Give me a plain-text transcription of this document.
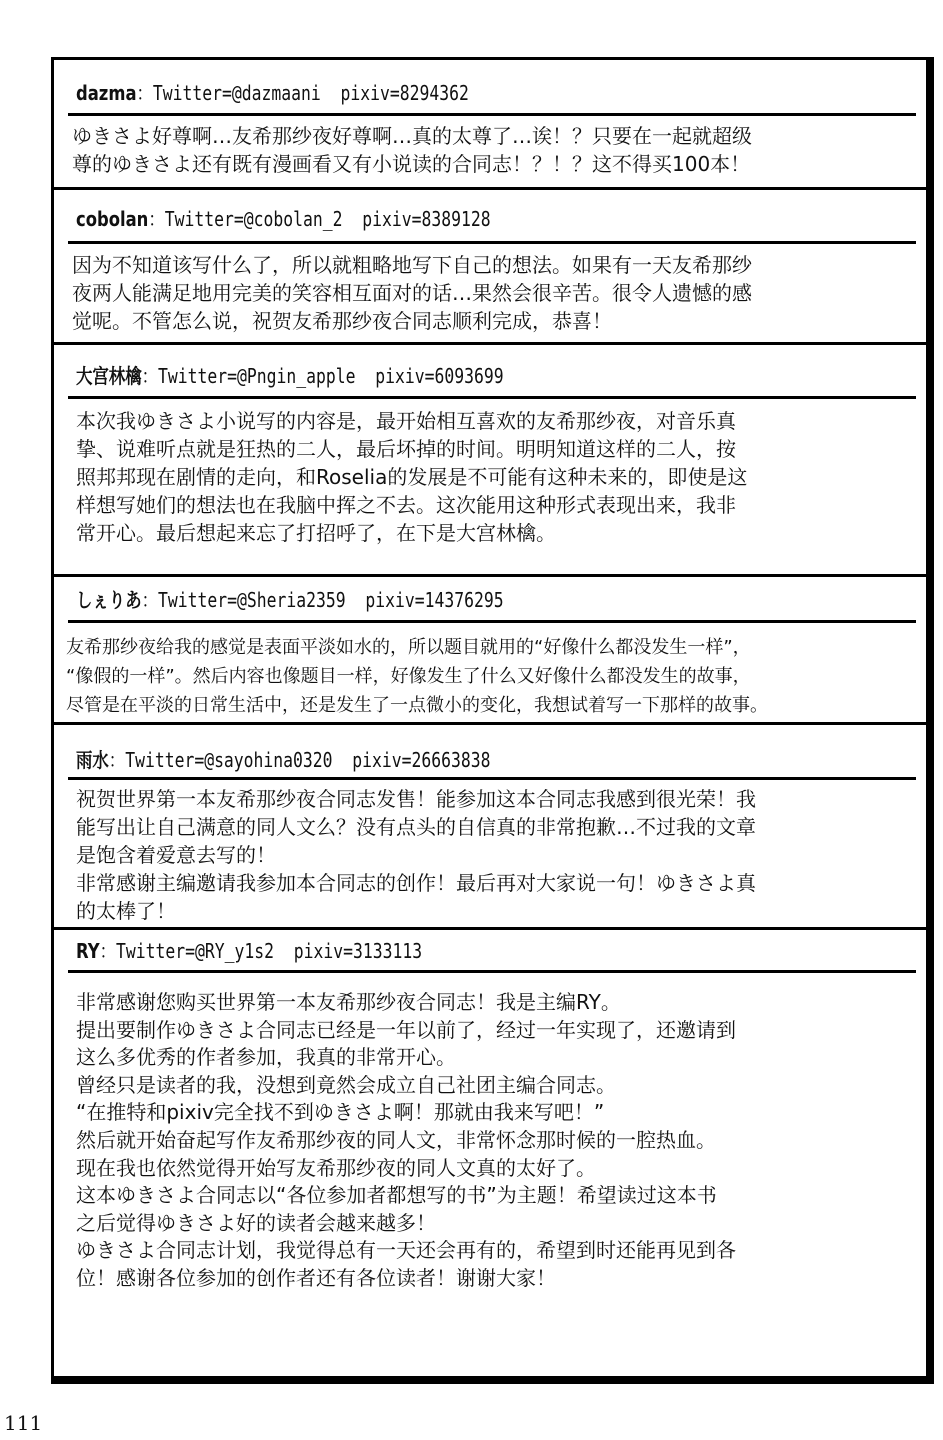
dazma：Twitter=@dazmaani  pixiv=8294362
ゆきさよ好尊啊…友希那纱夜好尊啊…真的太尊了…诶！？只要在一起就超级
尊的ゆきさよ还有既有漫画看又有小说读的合同志！？！？这不得买100本！
cobolan：Twitter=@cobolan_2  pixiv=8389128
因为不知道该写什么了，所以就粗略地写下自己的想法。如果有一天友希那纱
夜两人能满足地用完美的笑容相互面对的话…果然会很辛苦。很令人遗憾的感
觉呢。不管怎么说，祝贺友希那纱夜合同志顺利完成，恭喜！
大宫林檎：Twitter=@Pngin_apple  pixiv=6093699
本次我ゆきさよ小说写的内容是，最开始相互喜欢的友希那纱夜，对音乐真
挚、说难听点就是狂热的二人，最后坏掉的时间。明明知道这样的二人，按
照邦邦现在剧情的走向，和Roselia的发展是不可能有这种未来的，即使是这
样想写她们的想法也在我脑中挥之不去。这次能用这种形式表现出来，我非
常开心。最后想起来忘了打招呼了，在下是大宫林檎。
しぇりあ：Twitter=@Sheria2359  pixiv=14376295
友希那纱夜给我的感觉是表面平淡如水的，所以题目就用的“好像什么都没发生一样”，
“像假的一样”。然后内容也像题目一样，好像发生了什么又好像什么都没发生的故事，
尽管是在平淡的日常生活中，还是发生了一点微小的变化，我想试着写一下那样的故事。
雨水：Twitter=@sayohina0320  pixiv=26663838
祝贺世界第一本友希那纱夜合同志发售！能参加这本合同志我感到很光荣！我
能写出让自己满意的同人文么？没有点头的自信真的非常抱歉…不过我的文章
是饱含着爱意去写的！
非常感谢主编邀请我参加本合同志的创作！最后再对大家说一句！ゆきさよ真
的太棒了！
RY：Twitter=@RY_y1s2  pixiv=3133113
非常感谢您购买世界第一本友希那纱夜合同志！我是主编RY。
提出要制作ゆきさよ合同志已经是一年以前了，经过一年实现了，还邀请到
这么多优秀的作者参加，我真的非常开心。
曾经只是读者的我，没想到竟然会成立自己社团主编合同志。
“在推特和pixiv完全找不到ゆきさよ啊！那就由我来写吧！”
然后就开始奋起写作友希那纱夜的同人文，非常怀念那时候的一腔热血。
现在我也依然觉得开始写友希那纱夜的同人文真的太好了。
这本ゆきさよ合同志以“各位参加者都想写的书”为主题！希望读过这本书
之后觉得ゆきさよ好的读者会越来越多！
ゆきさよ合同志计划，我觉得总有一天还会再有的，希望到时还能再见到各
位！感谢各位参加的创作者还有各位读者！谢谢大家！
111
